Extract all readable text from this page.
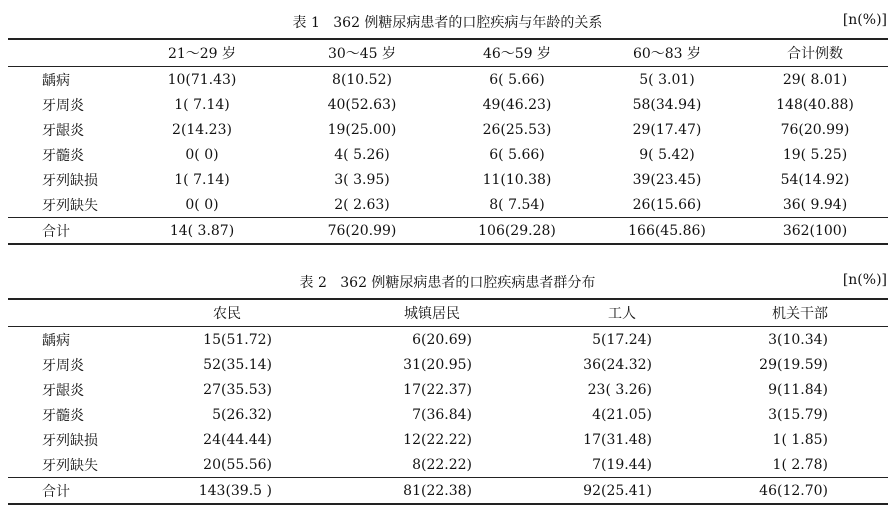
表 1   362 例糖尿病患者的口腔疾病与年龄的关系	[n(%)]
	21～29 岁	30～45 岁	46～59 岁	60～83 岁	合计例数
龋病	10(71.43)	8(10.52)	6( 5.66)	5( 3.01)	29( 8.01)
牙周炎	1( 7.14)	40(52.63)	49(46.23)	58(34.94)	148(40.88)
牙龈炎	2(14.23)	19(25.00)	26(25.53)	29(17.47)	76(20.99)
牙髓炎	0( 0)	4( 5.26)	6( 5.66)	9( 5.42)	19( 5.25)
牙列缺损	1( 7.14)	3( 3.95)	11(10.38)	39(23.45)	54(14.92)
牙列缺失	0( 0)	2( 2.63)	8( 7.54)	26(15.66)	36( 9.94)
合计	14( 3.87)	76(20.99)	106(29.28)	166(45.86)	362(100)
表 2   362 例糖尿病患者的口腔疾病患者群分布	[n(%)]
	农民	城镇居民	工人	机关干部
龋病	15(51.72)	6(20.69)	5(17.24)	3(10.34)
牙周炎	52(35.14)	31(20.95)	36(24.32)	29(19.59)
牙龈炎	27(35.53)	17(22.37)	23( 3.26)	9(11.84)
牙髓炎	5(26.32)	7(36.84)	4(21.05)	3(15.79)
牙列缺损	24(44.44)	12(22.22)	17(31.48)	1( 1.85)
牙列缺失	20(55.56)	8(22.22)	7(19.44)	1( 2.78)
合计	143(39.5 )	81(22.38)	92(25.41)	46(12.70)
